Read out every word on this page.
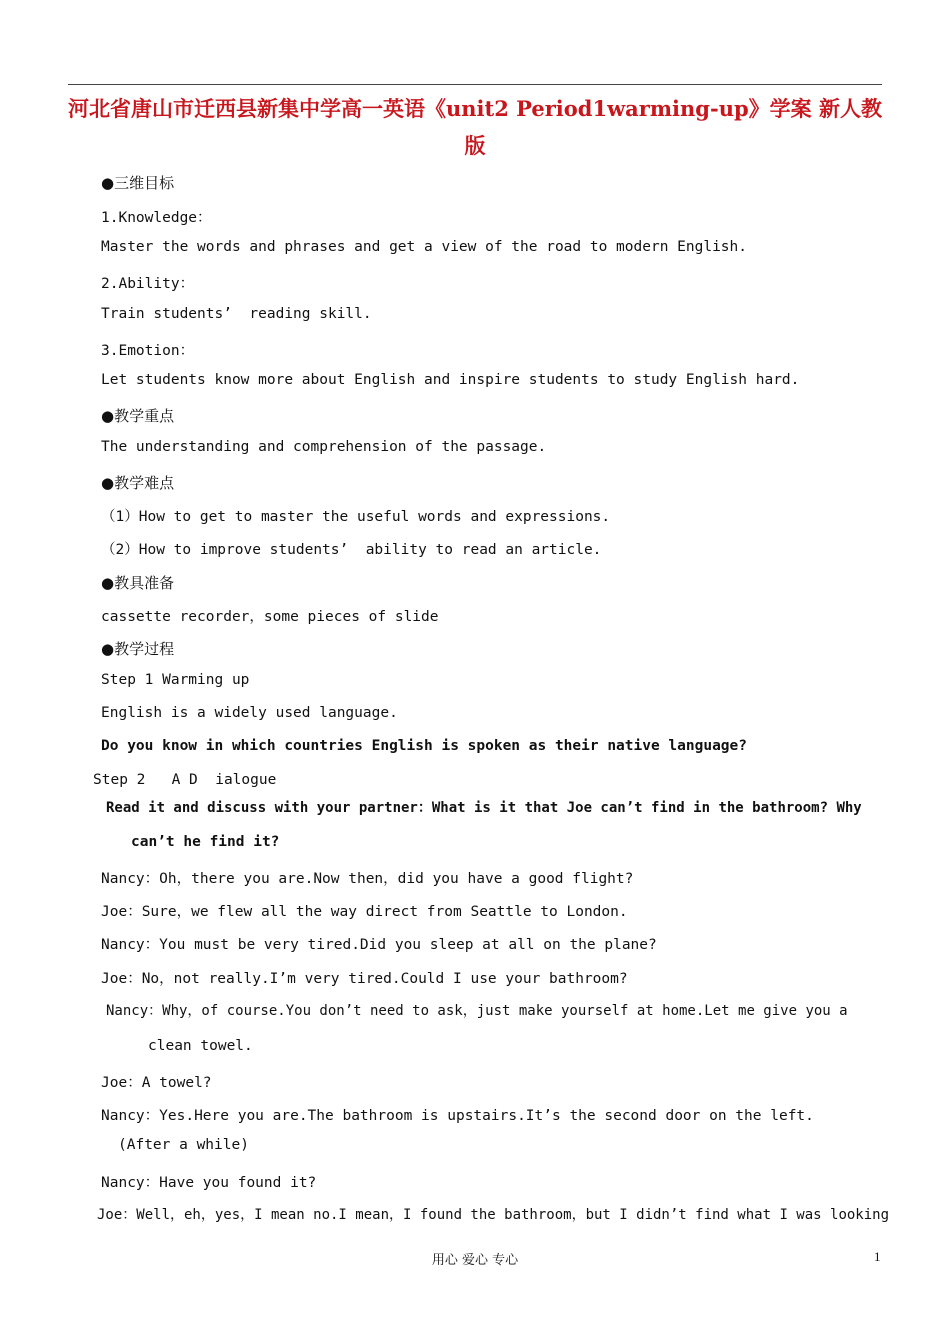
河北省唐山市迁西县新集中学高一英语《unit2 Period1warming-up》学案 新人教版
●三维目标
1.Knowledge：
Master the words and phrases and get a view of the road to modern English.
2.Ability：
Train students’  reading skill.
3.Emotion：
Let students know more about English and inspire students to study English hard.
●教学重点
The understanding and comprehension of the passage.
●教学难点
（1）How to get to master the useful words and expressions.
（2）How to improve students’  ability to read an article.
●教具准备
cassette recorder，some pieces of slide
●教学过程
Step 1 Warming up
English is a widely used language.
Do you know in which countries English is spoken as their native language?
Step 2   A D  ialogue
Read it and discuss with your partner：What is it that Joe can’t find in the bathroom? Why
can’t he find it?
Nancy：Oh，there you are.Now then，did you have a good flight?
Joe：Sure，we flew all the way direct from Seattle to London.
Nancy：You must be very tired.Did you sleep at all on the plane?
Joe：No，not really.I’m very tired.Could I use your bathroom?
Nancy：Why，of course.You don’t need to ask，just make yourself at home.Let me give you a
clean towel.
Joe：A towel?
Nancy：Yes.Here you are.The bathroom is upstairs.It’s the second door on the left.
(After a while)
Nancy：Have you found it?
Joe：Well，eh，yes，I mean no.I mean，I found the bathroom，but I didn’t find what I was looking
用心 爱心 专心	1
